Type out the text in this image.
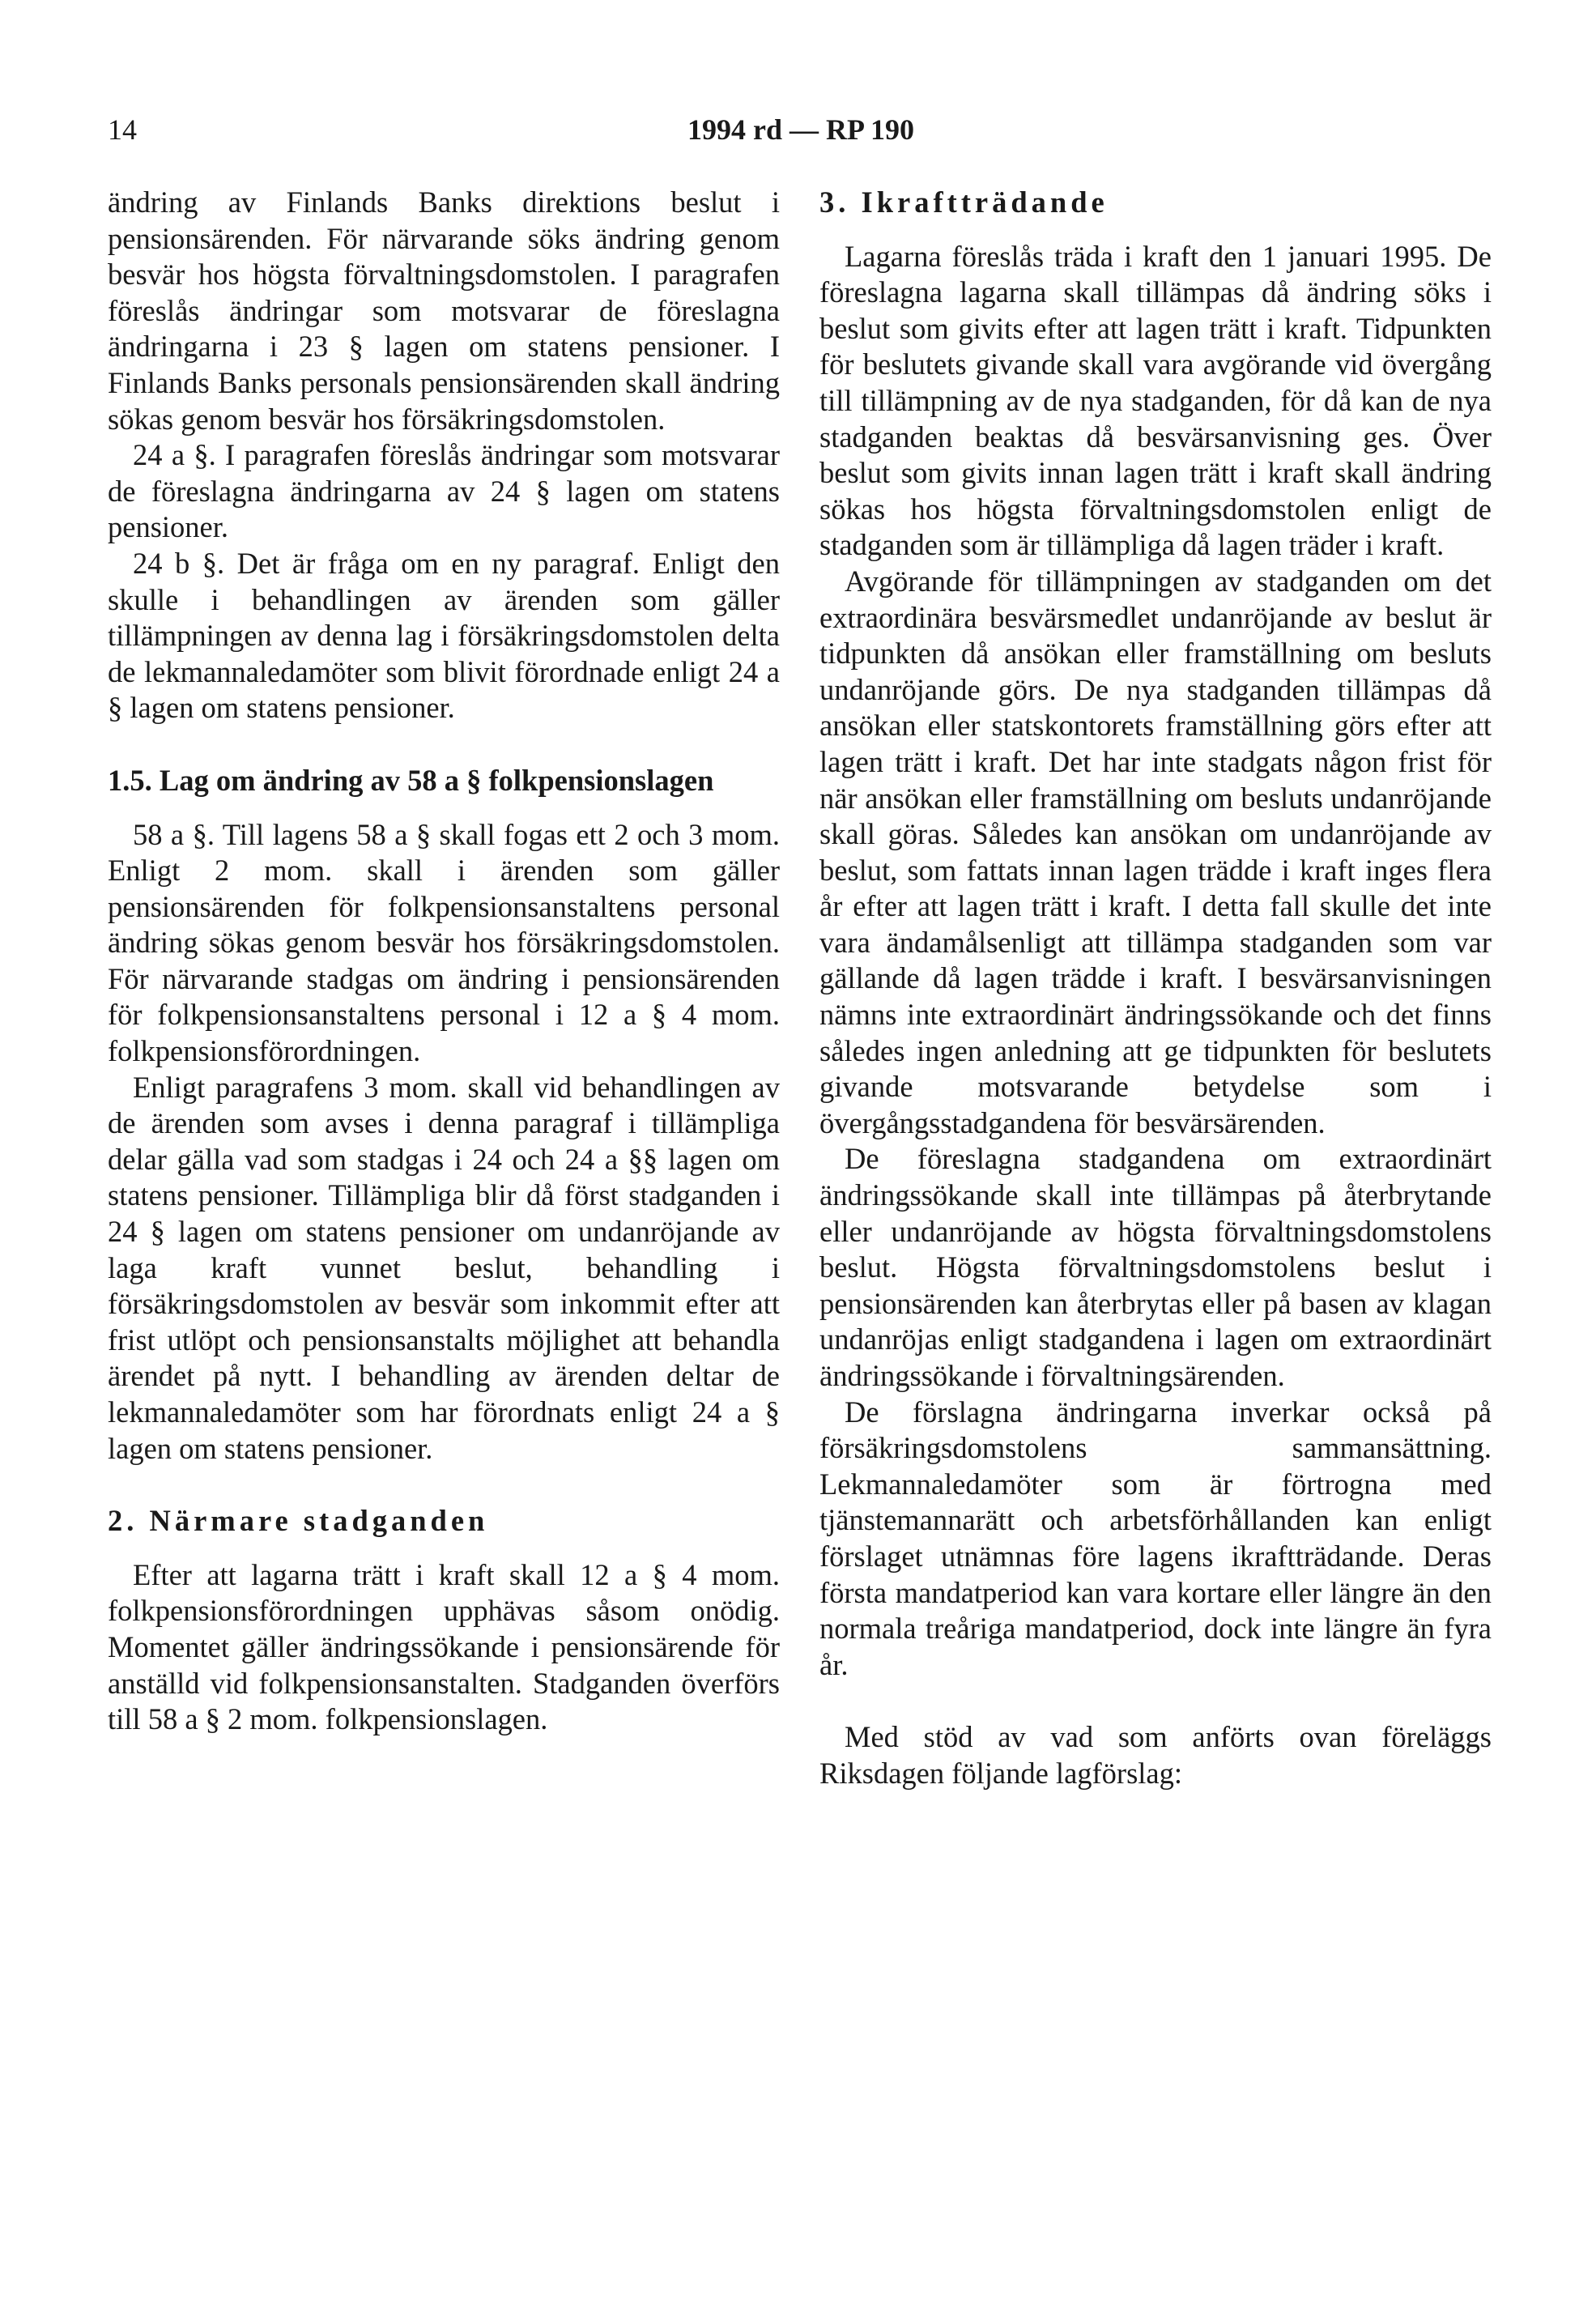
14	1994 rd — RP 190

ändring av Finlands Banks direktions beslut i pensionsärenden. För närvarande söks ändring genom besvär hos högsta förvaltningsdomstolen. I paragrafen föreslås ändringar som motsvarar de föreslagna ändringarna i 23 § lagen om statens pensioner. I Finlands Banks personals pensionsärenden skall ändring sökas genom besvär hos försäkringsdomstolen.

24 a §. I paragrafen föreslås ändringar som motsvarar de föreslagna ändringarna av 24 § lagen om statens pensioner.

24 b §. Det är fråga om en ny paragraf. Enligt den skulle i behandlingen av ärenden som gäller tillämpningen av denna lag i försäkringsdomstolen delta de lekmannaledamöter som blivit förordnade enligt 24 a § lagen om statens pensioner.

1.5. Lag om ändring av 58 a § folkpensionslagen

58 a §. Till lagens 58 a § skall fogas ett 2 och 3 mom. Enligt 2 mom. skall i ärenden som gäller pensionsärenden för folkpensionsanstaltens personal ändring sökas genom besvär hos försäkringsdomstolen. För närvarande stadgas om ändring i pensionsärenden för folkpensionsanstaltens personal i 12 a § 4 mom. folkpensionsförordningen.

Enligt paragrafens 3 mom. skall vid behandlingen av de ärenden som avses i denna paragraf i tillämpliga delar gälla vad som stadgas i 24 och 24 a §§ lagen om statens pensioner. Tillämpliga blir då först stadganden i 24 § lagen om statens pensioner om undanröjande av laga kraft vunnet beslut, behandling i försäkringsdomstolen av besvär som inkommit efter att frist utlöpt och pensionsanstalts möjlighet att behandla ärendet på nytt. I behandling av ärenden deltar de lekmannaledamöter som har förordnats enligt 24 a § lagen om statens pensioner.

2. Närmare stadganden

Efter att lagarna trätt i kraft skall 12 a § 4 mom. folkpensionsförordningen upphävas såsom onödig. Momentet gäller ändringssökande i pensionsärende för anställd vid folkpensionsanstalten. Stadganden överförs till 58 a § 2 mom. folkpensionslagen.

3. Ikraftträdande

Lagarna föreslås träda i kraft den 1 januari 1995. De föreslagna lagarna skall tillämpas då ändring söks i beslut som givits efter att lagen trätt i kraft. Tidpunkten för beslutets givande skall vara avgörande vid övergång till tillämpning av de nya stadganden, för då kan de nya stadganden beaktas då besvärsanvisning ges. Över beslut som givits innan lagen trätt i kraft skall ändring sökas hos högsta förvaltningsdomstolen enligt de stadganden som är tillämpliga då lagen träder i kraft.

Avgörande för tillämpningen av stadganden om det extraordinära besvärsmedlet undanröjande av beslut är tidpunkten då ansökan eller framställning om besluts undanröjande görs. De nya stadganden tillämpas då ansökan eller statskontorets framställning görs efter att lagen trätt i kraft. Det har inte stadgats någon frist för när ansökan eller framställning om besluts undanröjande skall göras. Således kan ansökan om undanröjande av beslut, som fattats innan lagen trädde i kraft inges flera år efter att lagen trätt i kraft. I detta fall skulle det inte vara ändamålsenligt att tillämpa stadganden som var gällande då lagen trädde i kraft. I besvärsanvisningen nämns inte extraordinärt ändringssökande och det finns således ingen anledning att ge tidpunkten för beslutets givande motsvarande betydelse som i övergångsstadgandena för besvärsärenden.

De föreslagna stadgandena om extraordinärt ändringssökande skall inte tillämpas på återbrytande eller undanröjande av högsta förvaltningsdomstolens beslut. Högsta förvaltningsdomstolens beslut i pensionsärenden kan återbrytas eller på basen av klagan undanröjas enligt stadgandena i lagen om extraordinärt ändringssökande i förvaltningsärenden.

De förslagna ändringarna inverkar också på försäkringsdomstolens sammansättning. Lekmannaledamöter som är förtrogna med tjänstemannarätt och arbetsförhållanden kan enligt förslaget utnämnas före lagens ikraftträdande. Deras första mandatperiod kan vara kortare eller längre än den normala treåriga mandatperiod, dock inte längre än fyra år.

Med stöd av vad som anförts ovan föreläggs Riksdagen följande lagförslag:
